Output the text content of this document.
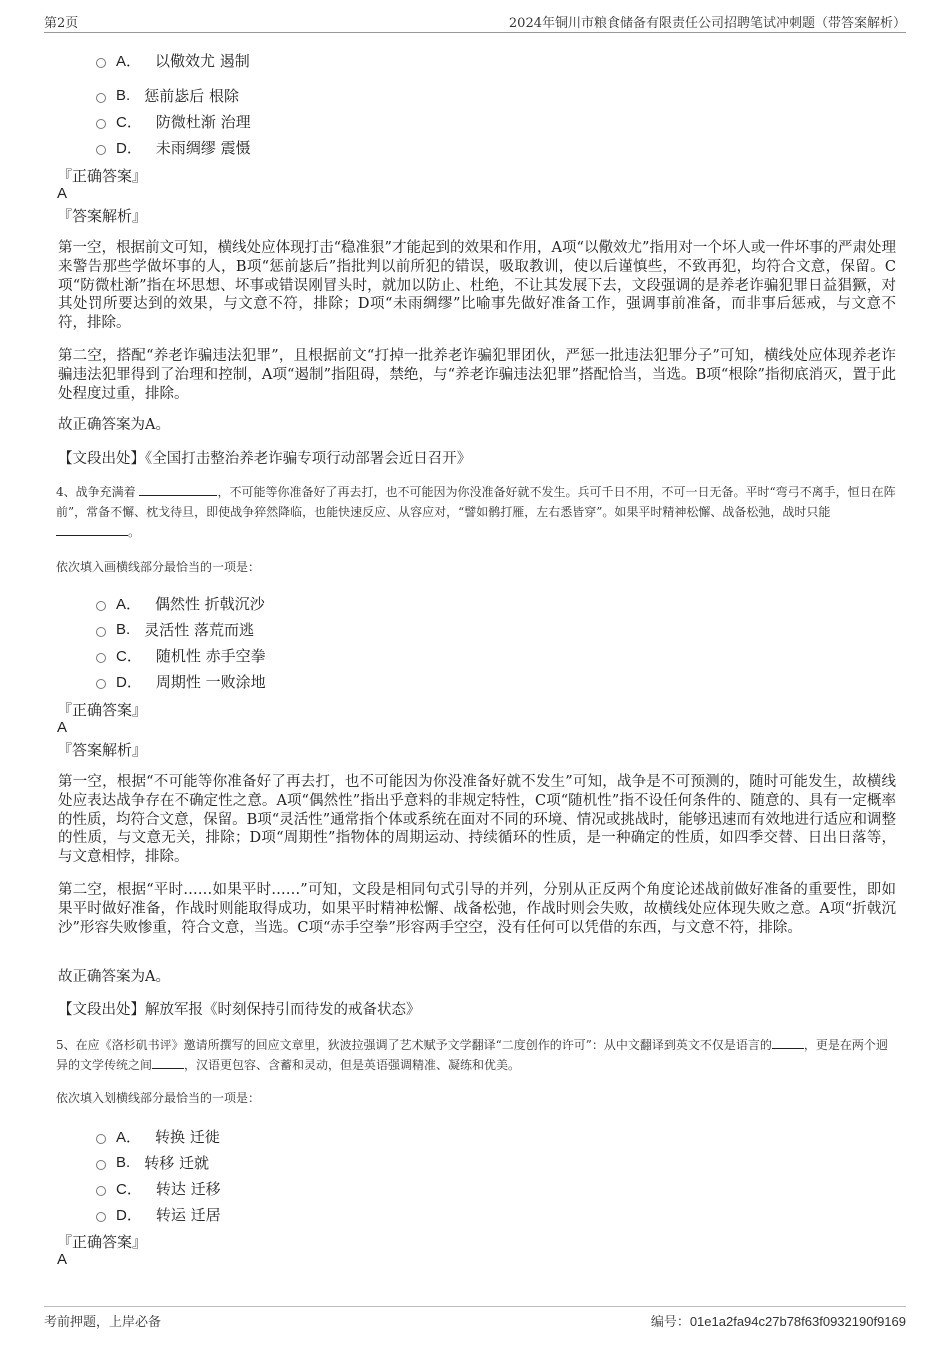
第2页	2024年铜川市粮食储备有限责任公司招聘笔试冲刺题（带答案解析）
A． 以儆效尤 遏制
B. 惩前毖后 根除
C． 防微杜渐 治理
D． 未雨绸缪 震慑
『正确答案』
A
『答案解析』
第一空，根据前文可知，横线处应体现打击“稳准狠”才能起到的效果和作用，A项“以儆效尤”指用对一个坏人或一件坏事的严肃处理来警告那些学做坏事的人，B项“惩前毖后”指批判以前所犯的错误，吸取教训，使以后谨慎些，不致再犯，均符合文意，保留。C项“防微杜渐”指在坏思想、坏事或错误刚冒头时，就加以防止、杜绝，不让其发展下去，文段强调的是养老诈骗犯罪日益猖獗，对其处罚所要达到的效果，与文意不符，排除；D项“未雨绸缪”比喻事先做好准备工作，强调事前准备，而非事后惩戒，与文意不符，排除。
第二空，搭配“养老诈骗违法犯罪”，且根据前文“打掉一批养老诈骗犯罪团伙，严惩一批违法犯罪分子”可知，横线处应体现养老诈骗违法犯罪得到了治理和控制，A项“遏制”指阻碍，禁绝，与“养老诈骗违法犯罪”搭配恰当，当选。B项“根除”指彻底消灭，置于此处程度过重，排除。
故正确答案为A。
【文段出处】《全国打击整治养老诈骗专项行动部署会近日召开》
4、战争充满着	，不可能等你准备好了再去打，也不可能因为你没准备好就不发生。兵可千日不用，不可一日无备。平时“弯弓不离手，恒日在阵前”，常备不懈、枕戈待旦，即使战争猝然降临，也能快速反应、从容应对，“譬如鹘打雁，左右悉皆穿”。如果平时精神松懈、战备松弛，战时只能 。
依次填入画横线部分最恰当的一项是：
A． 偶然性 折戟沉沙
B. 灵活性 落荒而逃
C． 随机性 赤手空拳
D． 周期性 一败涂地
『正确答案』
A
『答案解析』
第一空，根据“不可能等你准备好了再去打，也不可能因为你没准备好就不发生”可知，战争是不可预测的，随时可能发生，故横线处应表达战争存在不确定性之意。A项“偶然性”指出乎意料的非规定特性，C项“随机性”指不设任何条件的、随意的、具有一定概率的性质，均符合文意，保留。B项“灵活性”通常指个体或系统在面对不同的环境、情况或挑战时，能够迅速而有效地进行适应和调整的性质，与文意无关，排除；D项“周期性”指物体的周期运动、持续循环的性质，是一种确定的性质，如四季交替、日出日落等，与文意相悖，排除。
第二空，根据“平时……如果平时……”可知，文段是相同句式引导的并列，分别从正反两个角度论述战前做好准备的重要性，即如果平时做好准备，作战时则能取得成功，如果平时精神松懈、战备松弛，作战时则会失败，故横线处应体现失败之意。A项“折戟沉沙”形容失败惨重，符合文意，当选。C项“赤手空拳”形容两手空空，没有任何可以凭借的东西，与文意不符，排除。
故正确答案为A。
【文段出处】解放军报《时刻保持引而待发的戒备状态》
5、在应《洛杉矶书评》邀请所撰写的回应文章里，狄波拉强调了艺术赋予文学翻译“二度创作的许可”：从中文翻译到英文不仅是语言的	，更是在两个迥异的文学传统之间	，汉语更包容、含蓄和灵动，但是英语强调精准、凝练和优美。
依次填入划横线部分最恰当的一项是：
A． 转换 迁徙
B. 转移 迁就
C． 转达 迁移
D． 转运 迁居
『正确答案』
A
考前押题，上岸必备	编号：01e1a2fa94c27b78f63f0932190f9169
